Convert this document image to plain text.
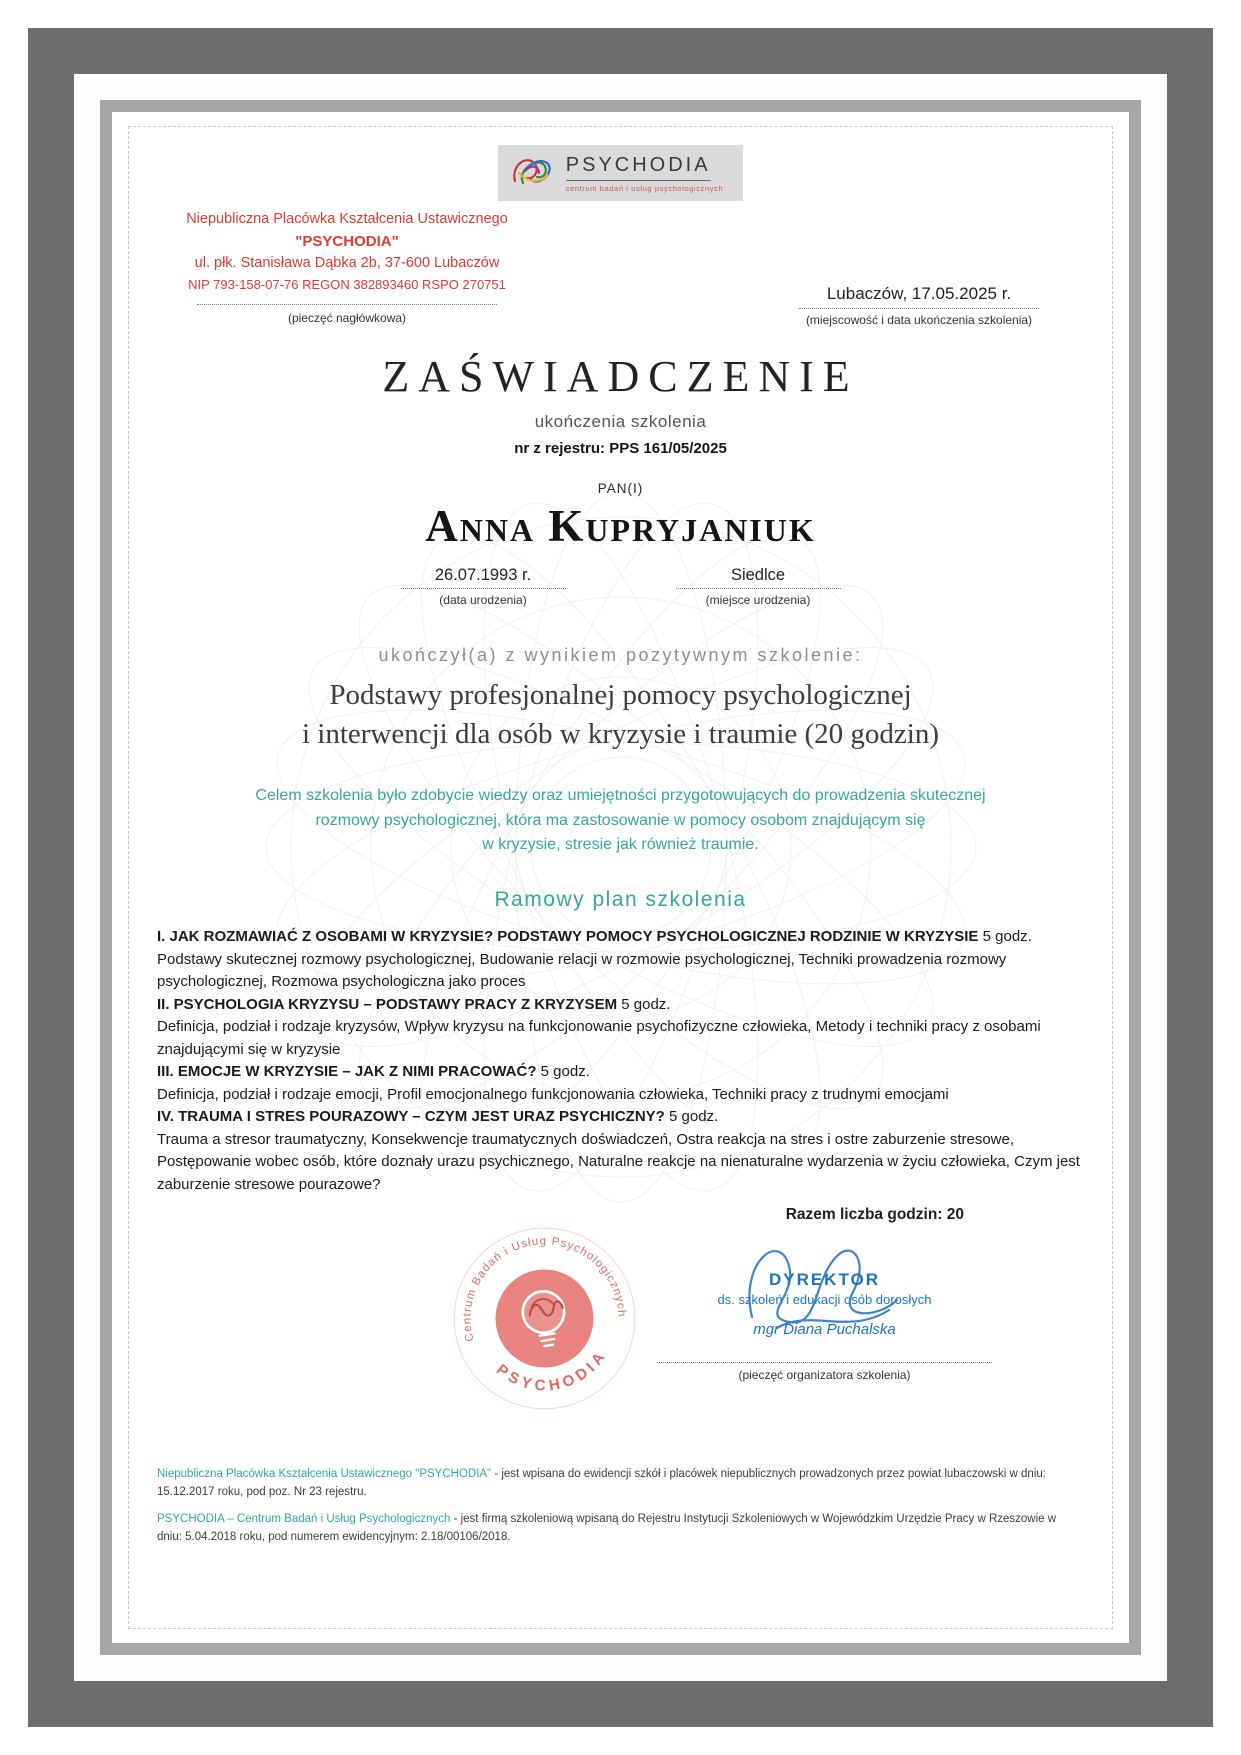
PSYCHODIA
centrum badań i usług psychologicznych
Niepubliczna Placówka Kształcenia Ustawicznego
"PSYCHODIA"
ul. płk. Stanisława Dąbka 2b, 37-600 Lubaczów
NIP 793-158-07-76 REGON 382893460 RSPO 270751
(pieczęć nagłówkowa)
Lubaczów, 17.05.2025 r.
(miejscowość i data ukończenia szkolenia)
ZAŚWIADCZENIE
ukończenia szkolenia
nr z rejestru: PPS 161/05/2025
PAN(I)
Anna Kupryjaniuk
26.07.1993 r.
(data urodzenia)
Siedlce
(miejsce urodzenia)
ukończył(a) z wynikiem pozytywnym szkolenie:
Podstawy profesjonalnej pomocy psychologicznej
i interwencji dla osób w kryzysie i traumie (20 godzin)
Celem szkolenia było zdobycie wiedzy oraz umiejętności przygotowujących do prowadzenia skutecznej
rozmowy psychologicznej, która ma zastosowanie w pomocy osobom znajdującym się
w kryzysie, stresie jak również traumie.
Ramowy plan szkolenia

I. JAK ROZMAWIAĆ Z OSOBAMI W KRYZYSIE? PODSTAWY POMOCY PSYCHOLOGICZNEJ RODZINIE W KRYZYSIE 5 godz.

Podstawy skutecznej rozmowy psychologicznej, Budowanie relacji w rozmowie psychologicznej, Techniki prowadzenia rozmowy psychologicznej, Rozmowa psychologiczna jako proces

II. PSYCHOLOGIA KRYZYSU – PODSTAWY PRACY Z KRYZYSEM 5 godz.

Definicja, podział i rodzaje kryzysów, Wpływ kryzysu na funkcjonowanie psychofizyczne człowieka, Metody i techniki pracy z osobami znajdującymi się w kryzysie

III. EMOCJE W KRYZYSIE – JAK Z NIMI PRACOWAĆ? 5 godz.

Definicja, podział i rodzaje emocji, Profil emocjonalnego funkcjonowania człowieka, Techniki pracy z trudnymi emocjami

IV. TRAUMA I STRES POURAZOWY – CZYM JEST URAZ PSYCHICZNY? 5 godz.

Trauma a stresor traumatyczny, Konsekwencje traumatycznych doświadczeń, Ostra reakcja na stres i ostre zaburzenie stresowe, Postępowanie wobec osób, które doznały urazu psychicznego, Naturalne reakcje na nienaturalne wydarzenia w życiu człowieka, Czym jest zaburzenie stresowe pourazowe?

Razem liczba godzin: 20
Centrum Badań i Usług Psychologicznych
PSYCHODIA
DYREKTOR
ds. szkoleń i edukacji osób dorosłych
mgr Diana Puchalska
(pieczęć organizatora szkolenia)

Niepubliczna Placówka Kształcenia Ustawicznego "PSYCHODIA" - jest wpisana do ewidencji szkół i placówek niepublicznych prowadzonych przez powiat lubaczowski w dniu: 15.12.2017 roku, pod poz. Nr 23 rejestru.

PSYCHODIA – Centrum Badań i Usług Psychologicznych - jest firmą szkoleniową wpisaną do Rejestru Instytucji Szkoleniowych w Wojewódzkim Urzędzie Pracy w Rzeszowie w dniu: 5.04.2018 roku, pod numerem ewidencyjnym: 2.18/00106/2018.
